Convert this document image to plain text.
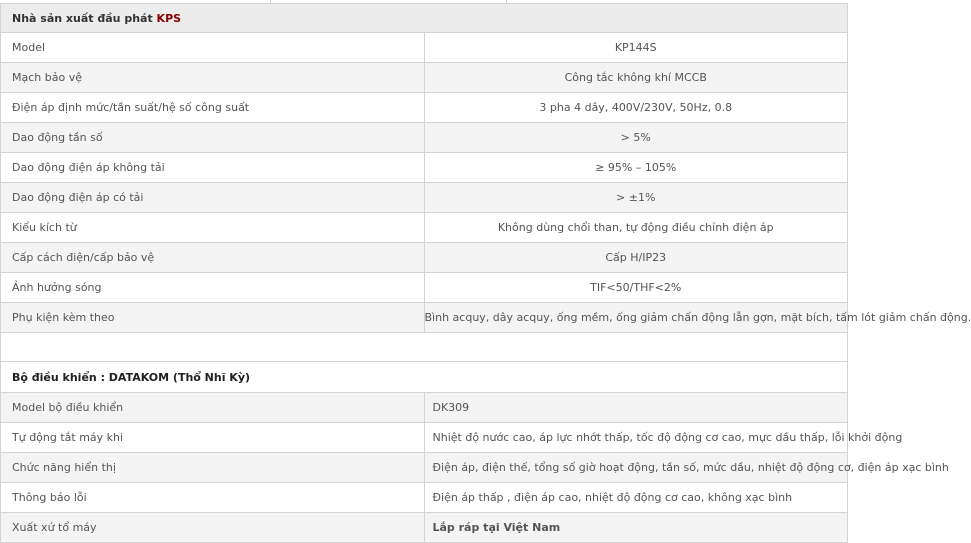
Nhà sản xuất đầu phát KPS	
Model	KP144S
Mạch bảo vệ	Công tắc không khí MCCB
Điện áp định mức/tần suất/hệ số công suất	3 pha 4 dây, 400V/230V, 50Hz, 0.8
Dao động tần số	> 5%
Dao động điện áp không tải	≥ 95% – 105%
Dao động điện áp có tải	> ±1%
Kiểu kích từ	Không dùng chổi than, tự động điều chỉnh điện áp
Cấp cách điện/cấp bảo vệ	Cấp H/IP23
Ảnh hưởng sóng	TIF<50/THF<2%
Phụ kiện kèm theo	Bình acquy, dây acquy, ống mềm, ống giảm chấn động lẫn gợn, mặt bích, tấm lót giảm chấn động.

Bộ điều khiển : DATAKOM (Thổ Nhĩ Kỳ)	
Model bộ điều khiển	DK309
Tự động tắt máy khi	Nhiệt độ nước cao, áp lực nhớt thấp, tốc độ động cơ cao, mực dầu thấp, lỗi khởi động
Chức năng hiển thị	Điện áp, điện thế, tổng số giờ hoạt động, tần số, mức dầu, nhiệt độ động cơ, điện áp xạc bình
Thông báo lỗi	Điện áp thấp , điện áp cao, nhiệt độ động cơ cao, không xạc bình
Xuất xứ tổ máy	Lắp ráp tại Việt Nam
